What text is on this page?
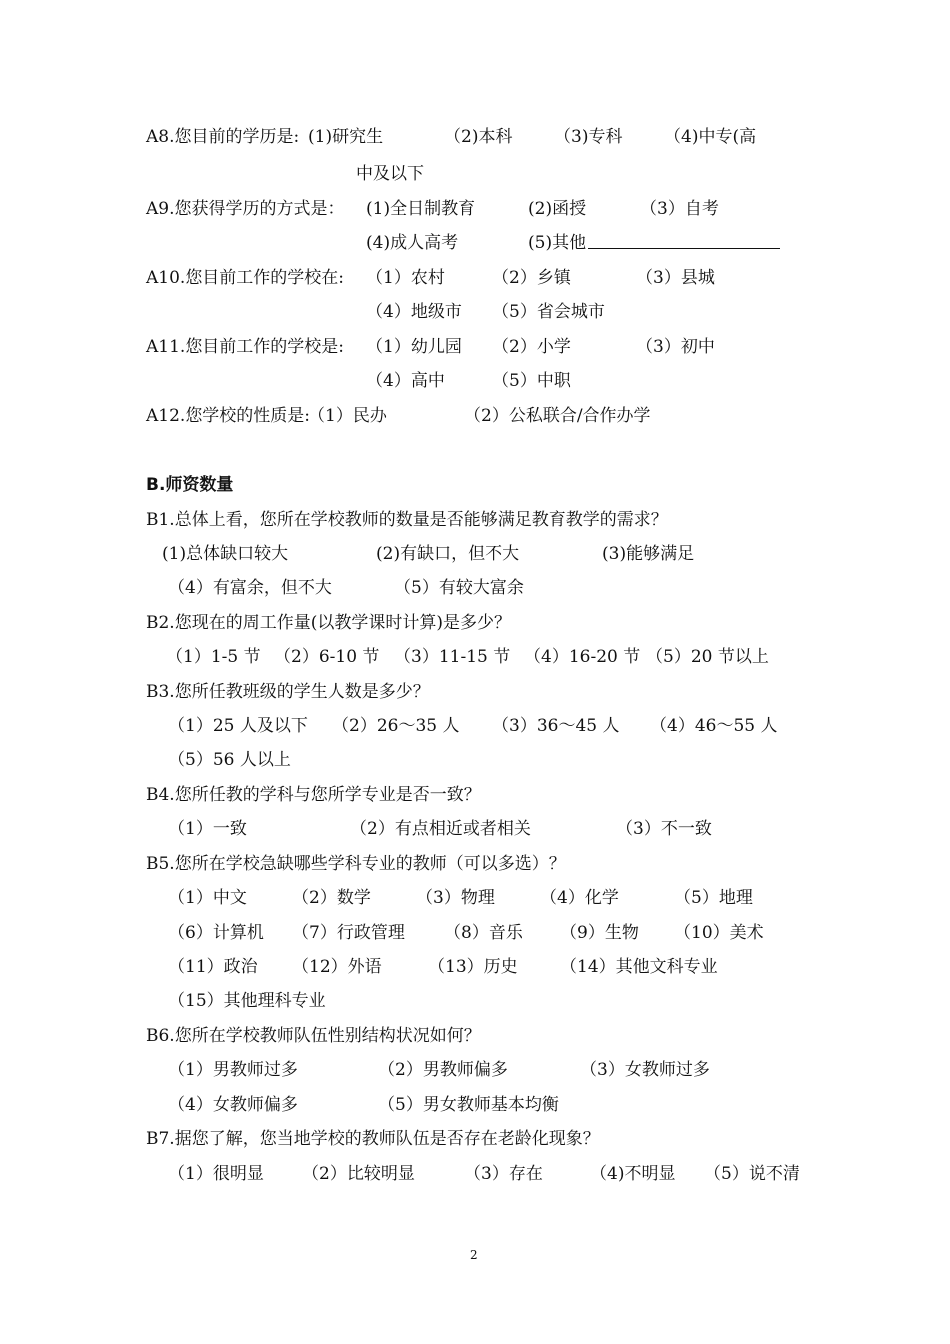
A8.您目前的学历是: (1)研究生	（2)本科 （3)专科 （4)中专(高
中及以下
A9.您获得学历的方式是： (1)全日制教育	(2)函授	（3）自考
(4)成人高考	(5)其他
A10.您目前工作的学校在: （1）农村	（2）乡镇	（3）县城
（4）地级市 （5）省会城市
A11.您目前工作的学校是: （1）幼儿园 （2）小学	（3）初中
（4）高中	（5）中职
A12.您学校的性质是:
（1）民办	（2）公私联合/合作办学
B.师资数量
B1.总体上看，您所在学校教师的数量是否能够满足教育教学的需求？
(1)总体缺口较大	(2)有缺口，但不大	(3)能够满足
（4）有富余，但不大	（5）有较大富余
B2.您现在的周工作量(以教学课时计算)是多少？
（1）1-5 节 （2）6-10 节 （3）11-15 节 （4）16-20 节 （5）20 节以上
B3.您所任教班级的学生人数是多少？
（1）25 人及以下 （2）26～35 人 （3）36～45 人 （4）46～55 人
（5）56 人以上
B4.您所任教的学科与您所学专业是否一致？
（1）一致	（2）有点相近或者相关	（3）不一致
B5.您所在学校急缺哪些学科专业的教师（可以多选）？
（1）中文	（2）数学	（3）物理	（4）化学	（5）地理
（6）计算机 （7）行政管理 （8）音乐 （9）生物 （10）美术
（11）政治 （12）外语	（13）历史 （14）其他文科专业
（15）其他理科专业
B6.您所在学校教师队伍性别结构状况如何？
（1）男教师过多	（2）男教师偏多	（3）女教师过多
（4）女教师偏多	（5）男女教师基本均衡
B7.据您了解，您当地学校的教师队伍是否存在老龄化现象？
（1）很明显 （2）比较明显	（3）存在	（4)不明显 （5）说不清
2
